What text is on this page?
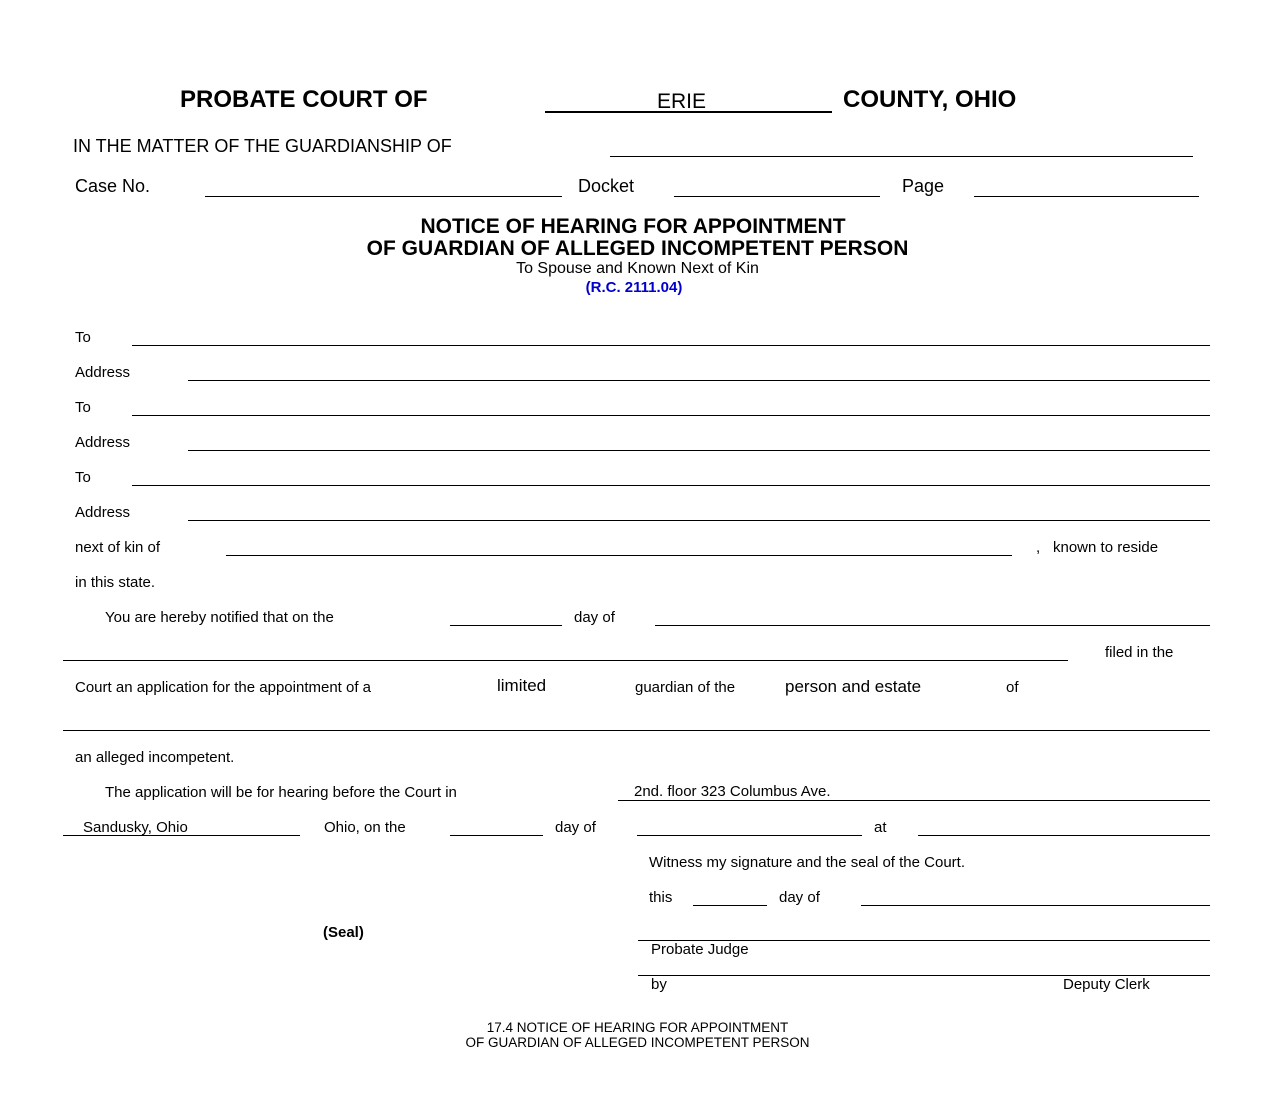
PROBATE COURT OF	ERIE	COUNTY, OHIO
IN THE MATTER OF THE GUARDIANSHIP OF
Case No.	Docket	Page
NOTICE OF HEARING FOR APPOINTMENT
OF GUARDIAN OF ALLEGED INCOMPETENT PERSON
To Spouse and Known Next of Kin
(R.C. 2111.04)
To
Address
To
Address
To
Address
next of kin of	, known to reside
in this state.
You are hereby notified that on the	day of
filed in the
Court an application for the appointment of a	limited	guardian of the	person and estate	of
an alleged incompetent.
The application will be for hearing before the Court in	2nd. floor 323 Columbus Ave.
Sandusky, Ohio	Ohio, on the	day of	at
Witness my signature and the seal of the Court.
this	day of
(Seal)
Probate Judge
by	Deputy Clerk
17.4 NOTICE OF HEARING FOR APPOINTMENT
OF GUARDIAN OF ALLEGED INCOMPETENT PERSON
